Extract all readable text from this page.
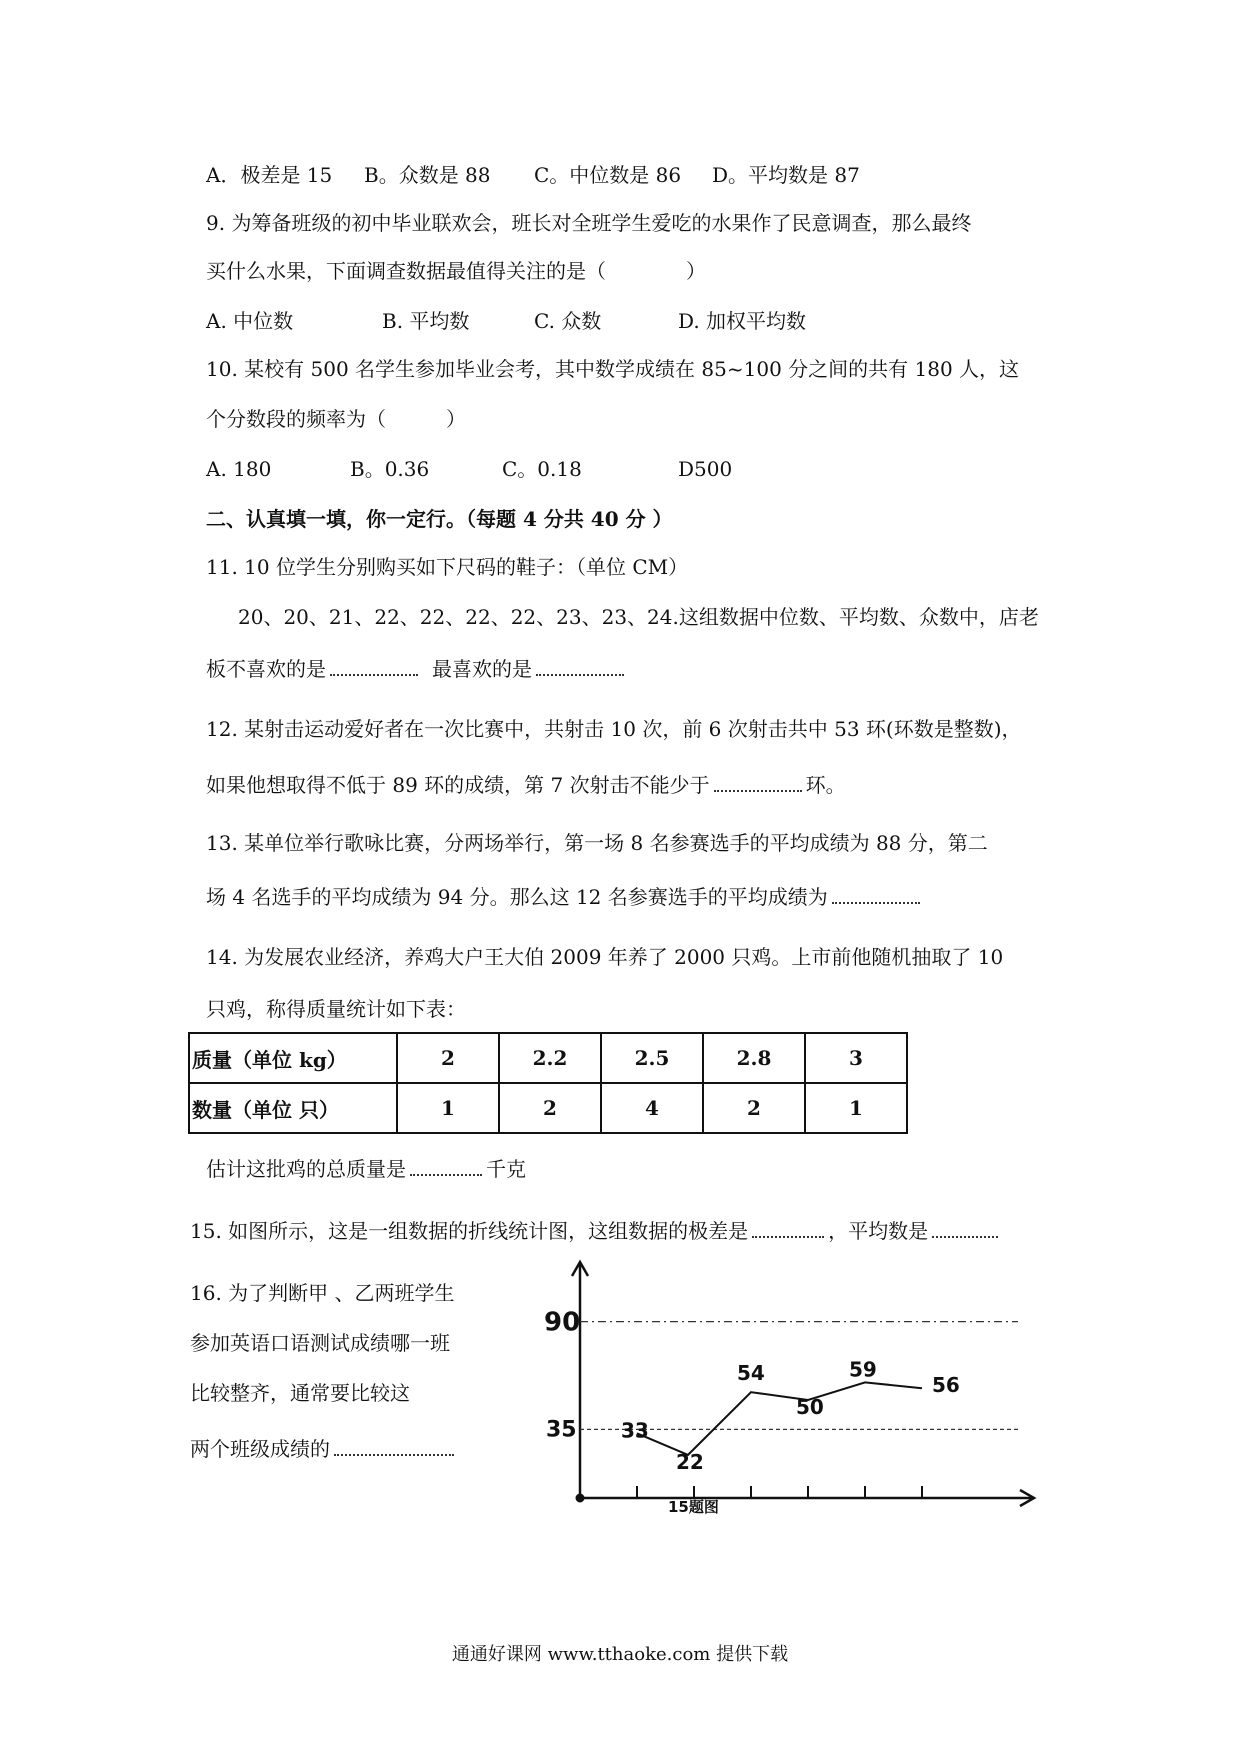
A．极差是 15 B。众数是 88 C。中位数是 86 D。平均数是 87
9. 为筹备班级的初中毕业联欢会，班长对全班学生爱吃的水果作了民意调查，那么最终
买什么水果，下面调查数据最值得关注的是（　　　　）
A. 中位数	B. 平均数	C. 众数	D. 加权平均数
10. 某校有 500 名学生参加毕业会考，其中数学成绩在 85~100 分之间的共有 180 人，这
个分数段的频率为（　　　）
A. 180	B。0.36	C。0.18	D500
二、认真填一填，你一定行。（每题 4 分共 40 分 ）
11. 10 位学生分别购买如下尺码的鞋子：（单位 CM）
20、20、21、22、22、22、22、23、23、24.这组数据中位数、平均数、众数中，店老
板不喜欢的是	最喜欢的是
12. 某射击运动爱好者在一次比赛中，共射击 10 次，前 6 次射击共中 53 环(环数是整数)，
如果他想取得不低于 89 环的成绩，第 7 次射击不能少于	环。
13. 某单位举行歌咏比赛，分两场举行，第一场 8 名参赛选手的平均成绩为 88 分，第二
场 4 名选手的平均成绩为 94 分。那么这 12 名参赛选手的平均成绩为
14. 为发展农业经济，养鸡大户王大伯 2009 年养了 2000 只鸡。上市前他随机抽取了 10
只鸡，称得质量统计如下表：
质量（单位 kg）	2	2.2	2.5	2.8	3
数量（单位 只）	1	2	4	2	1
估计这批鸡的总质量是	千克
15. 如图所示，这是一组数据的折线统计图，这组数据的极差是	，平均数是
16. 为了判断甲 、乙两班学生
参加英语口语测试成绩哪一班
比较整齐，通常要比较这
两个班级成绩的
90
35 33
22
54
50
59
56
15题图
通通好课网 www.tthaoke.com 提供下载
